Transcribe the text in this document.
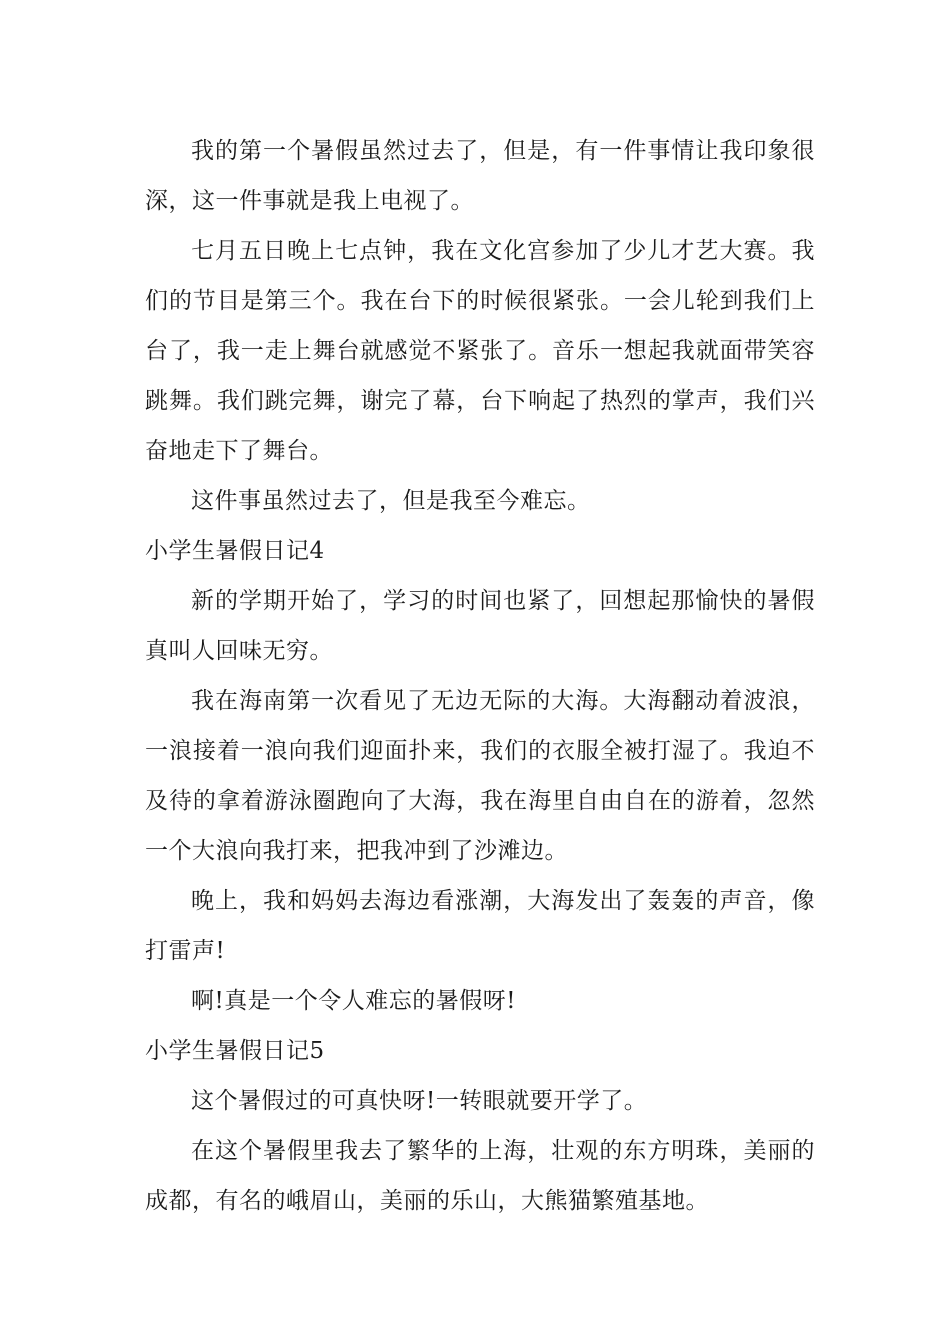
我的第一个暑假虽然过去了，但是，有一件事情让我印象很深，这一件事就是我上电视了。

七月五日晚上七点钟，我在文化宫参加了少儿才艺大赛。我们的节目是第三个。我在台下的时候很紧张。一会儿轮到我们上台了，我一走上舞台就感觉不紧张了。音乐一想起我就面带笑容跳舞。我们跳完舞，谢完了幕，台下响起了热烈的掌声，我们兴奋地走下了舞台。

这件事虽然过去了，但是我至今难忘。

小学生暑假日记4

新的学期开始了，学习的时间也紧了，回想起那愉快的暑假真叫人回味无穷。

我在海南第一次看见了无边无际的大海。大海翻动着波浪，一浪接着一浪向我们迎面扑来，我们的衣服全被打湿了。我迫不及待的拿着游泳圈跑向了大海，我在海里自由自在的游着，忽然一个大浪向我打来，把我冲到了沙滩边。

晚上，我和妈妈去海边看涨潮，大海发出了轰轰的声音，像打雷声!

啊!真是一个令人难忘的暑假呀!

小学生暑假日记5

这个暑假过的可真快呀!一转眼就要开学了。

在这个暑假里我去了繁华的上海，壮观的东方明珠，美丽的成都，有名的峨眉山，美丽的乐山，大熊猫繁殖基地。
